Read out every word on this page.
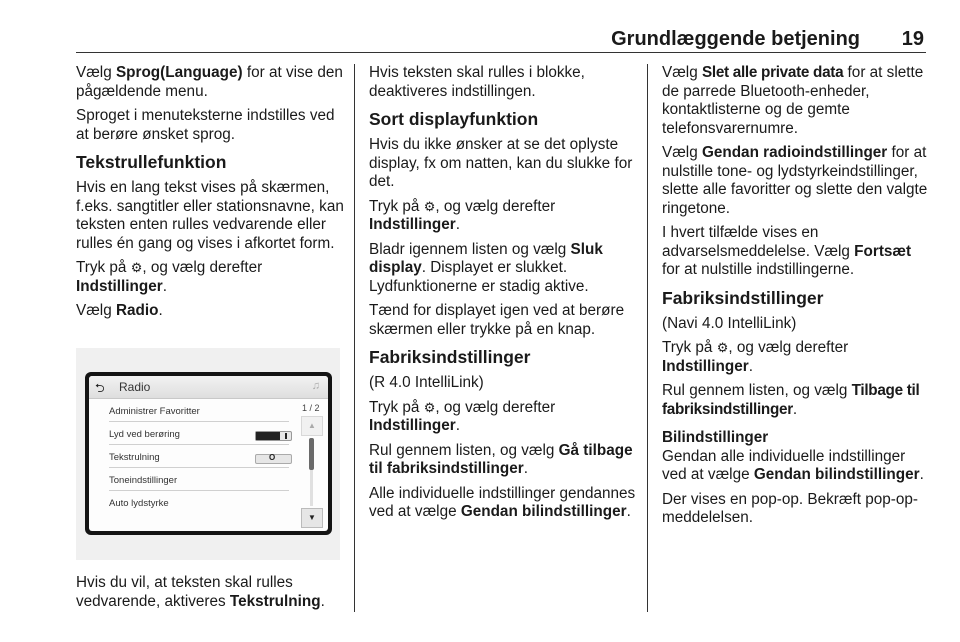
Grundlæggende betjening 19

Vælg Sprog(Language) for at vise den pågældende menu.

Sproget i menuteksterne indstilles ved at berøre ønsket sprog.

Tekstrullefunktion

Hvis en lang tekst vises på skærmen, f.eks. sangtitler eller stationsnavne, kan teksten enten rulles vedvarende eller rulles én gang og vises i afkortet form.

Tryk på ⚙, og vælg derefter Indstillinger.

Vælg Radio.

⮌ Radio	♫
Administrer Favoritter
Lyd ved berøring
Tekstrulning	O
Toneindstillinger
Auto lydstyrke
1 / 2
▲
▼

Hvis du vil, at teksten skal rulles vedvarende, aktiveres Tekstrulning.

Hvis teksten skal rulles i blokke, deaktiveres indstillingen.

Sort displayfunktion

Hvis du ikke ønsker at se det oplyste display, fx om natten, kan du slukke for det.

Tryk på ⚙, og vælg derefter Indstillinger.

Bladr igennem listen og vælg Sluk display. Displayet er slukket. Lydfunktionerne er stadig aktive.

Tænd for displayet igen ved at berøre skærmen eller trykke på en knap.

Fabriksindstillinger

(R 4.0 IntelliLink)

Tryk på ⚙, og vælg derefter Indstillinger.

Rul gennem listen, og vælg Gå tilbage til fabriksindstillinger.

Alle individuelle indstillinger gendannes ved at vælge Gendan bilindstillinger.

Vælg Slet alle private data for at slette de parrede Bluetooth-enheder, kontaktlisterne og de gemte telefonsvarernumre.

Vælg Gendan radioindstillinger for at nulstille tone- og lydstyrkeindstillinger, slette alle favoritter og slette den valgte ringetone.

I hvert tilfælde vises en advarselsmeddelelse. Vælg Fortsæt for at nulstille indstillingerne.

Fabriksindstillinger

(Navi 4.0 IntelliLink)

Tryk på ⚙, og vælg derefter Indstillinger.

Rul gennem listen, og vælg Tilbage til fabriksindstillinger.

Bilindstillinger

Gendan alle individuelle indstillinger ved at vælge Gendan bilindstillinger.

Der vises en pop-op. Bekræft pop-op-meddelelsen.
